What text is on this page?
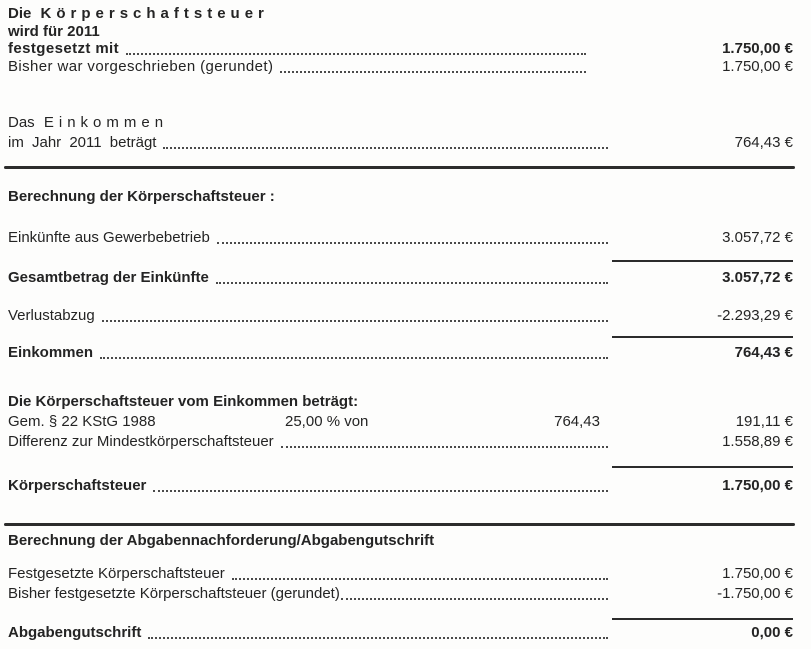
Die Körperschaftsteuer
wird für 2011
festgesetzt mit	1.750,00 €
Bisher war vorgeschrieben (gerundet)	1.750,00 €
Das Einkommen
im Jahr 2011 beträgt	764,43 €
Berechnung der Körperschaftsteuer :
Einkünfte aus Gewerbebetrieb	3.057,72 €
Gesamtbetrag der Einkünfte	3.057,72 €
Verlustabzug	-2.293,29 €
Einkommen	764,43 €
Die Körperschaftsteuer vom Einkommen beträgt:
Gem. § 22 KStG 1988	25,00 % von	764,43	191,11 €
Differenz zur Mindestkörperschaftsteuer	1.558,89 €
Körperschaftsteuer	1.750,00 €
Berechnung der Abgabennachforderung/Abgabengutschrift
Festgesetzte Körperschaftsteuer	1.750,00 €
Bisher festgesetzte Körperschaftsteuer (gerundet)	-1.750,00 €
Abgabengutschrift	0,00 €
